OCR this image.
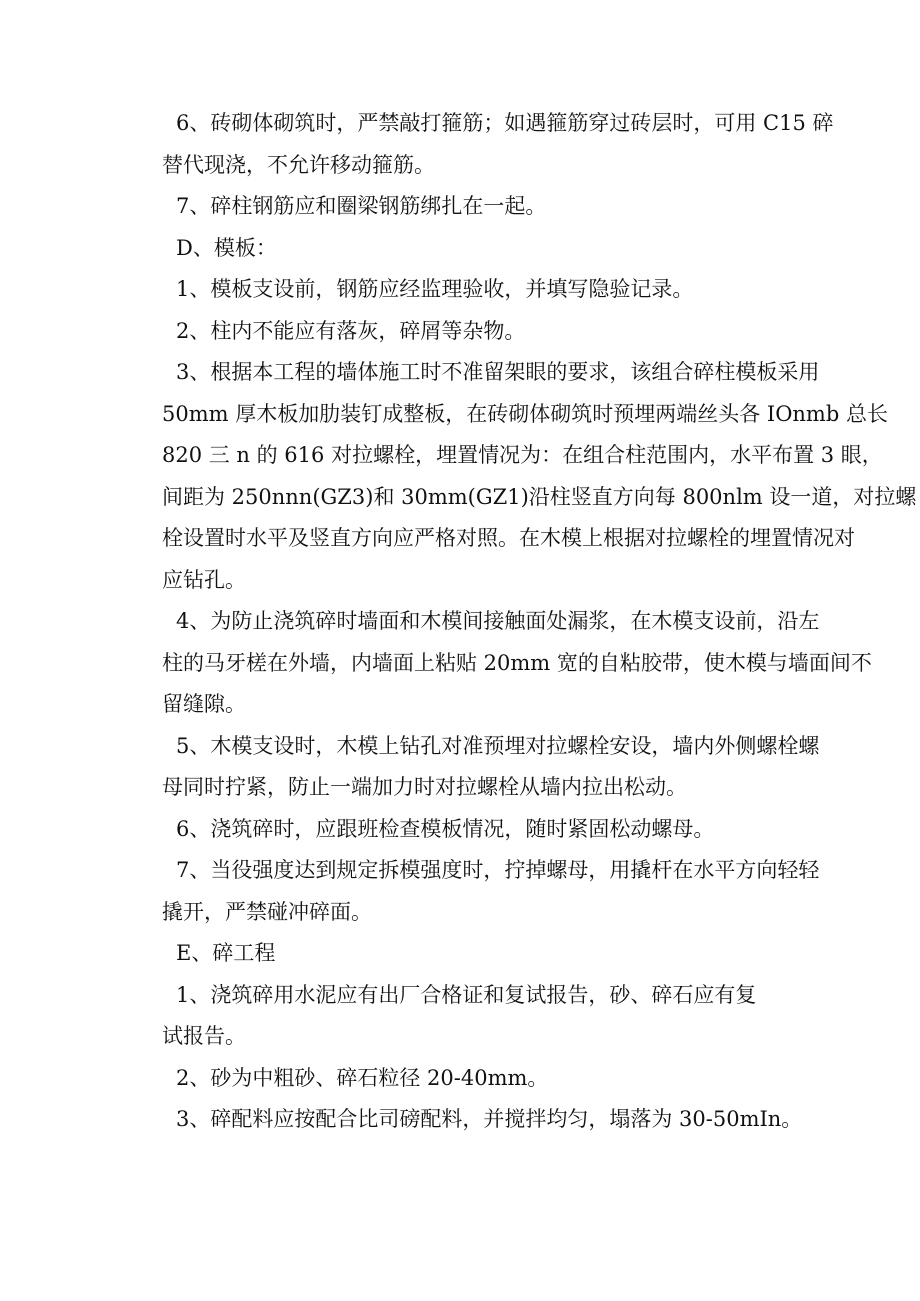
6、砖砌体砌筑时，严禁敲打箍筋；如遇箍筋穿过砖层时，可用 C15 碎

替代现浇，不允许移动箍筋。

7、碎柱钢筋应和圈梁钢筋绑扎在一起。

D、模板：

1、模板支设前，钢筋应经监理验收，并填写隐验记录。

2、柱内不能应有落灰，碎屑等杂物。

3、根据本工程的墙体施工时不准留架眼的要求，该组合碎柱模板采用

50mm 厚木板加肋装钉成整板，在砖砌体砌筑时预埋两端丝头各 IOnmb 总长

820 三 n 的 616 对拉螺栓，埋置情况为：在组合柱范围内，水平布置 3 眼，

间距为 250nnn(GZ3)和 30mm(GZ1)沿柱竖直方向每 800nlm 设一道，对拉螺

栓设置时水平及竖直方向应严格对照。在木模上根据对拉螺栓的埋置情况对

应钻孔。

4、为防止浇筑碎时墙面和木模间接触面处漏浆，在木模支设前，沿左

柱的马牙槎在外墙，内墙面上粘贴 20mm 宽的自粘胶带，使木模与墙面间不

留缝隙。

5、木模支设时，木模上钻孔对准预埋对拉螺栓安设，墙内外侧螺栓螺

母同时拧紧，防止一端加力时对拉螺栓从墙内拉出松动。

6、浇筑碎时，应跟班检查模板情况，随时紧固松动螺母。

7、当役强度达到规定拆模强度时，拧掉螺母，用撬杆在水平方向轻轻

撬开，严禁碰冲碎面。

E、碎工程

1、浇筑碎用水泥应有出厂合格证和复试报告，砂、碎石应有复

试报告。

2、砂为中粗砂、碎石粒径 20-40mm。

3、碎配料应按配合比司磅配料，并搅拌均匀，塌落为 30-50mIn。
